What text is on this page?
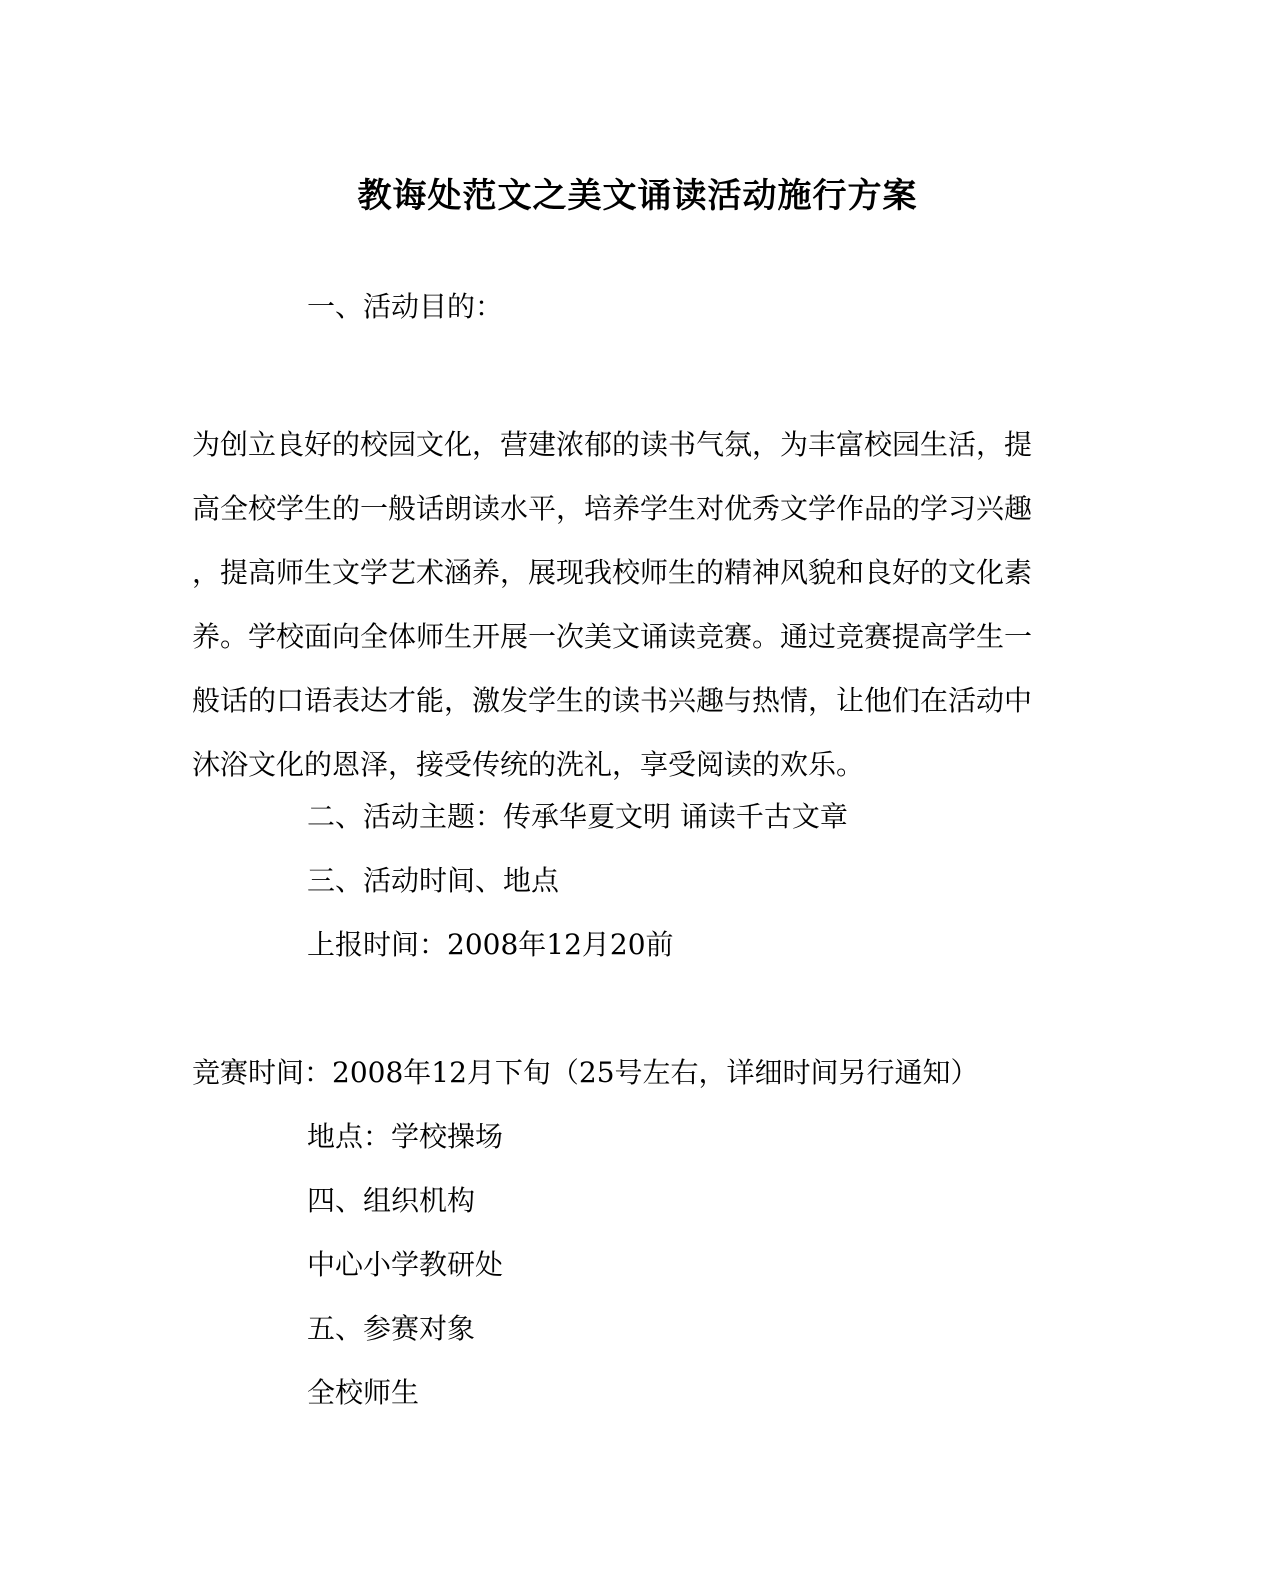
教诲处范文之美文诵读活动施行方案
一、活动目的：
为创立良好的校园文化，营建浓郁的读书气氛，为丰富校园生活，提
高全校学生的一般话朗读水平，培养学生对优秀文学作品的学习兴趣
，提高师生文学艺术涵养，展现我校师生的精神风貌和良好的文化素
养。学校面向全体师生开展一次美文诵读竞赛。通过竞赛提高学生一
般话的口语表达才能，激发学生的读书兴趣与热情，让他们在活动中
沐浴文化的恩泽，接受传统的洗礼，享受阅读的欢乐。
二、活动主题：传承华夏文明 诵读千古文章
三、活动时间、地点
上报时间：2008年12月20前
竞赛时间：2008年12月下旬（25号左右，详细时间另行通知）
地点：学校操场
四、组织机构
中心小学教研处
五、参赛对象
全校师生
